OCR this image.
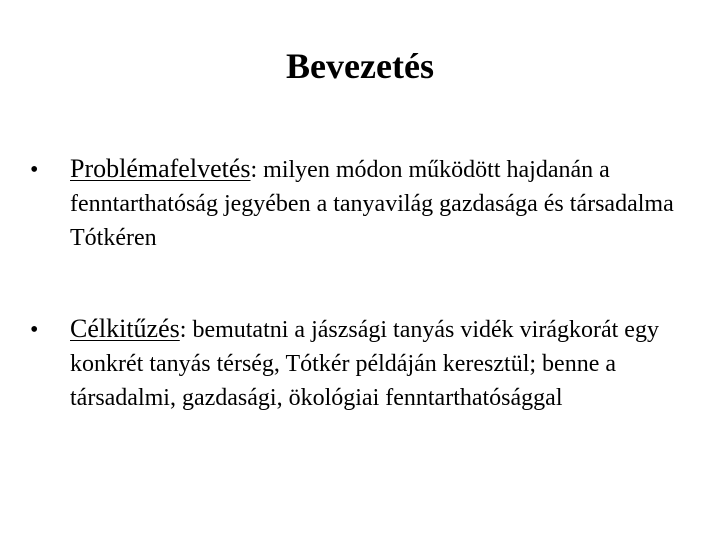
Bevezetés
• Problémafelvetés: milyen módon működött hajdanán a fenntarthatóság jegyében a tanyavilág gazdasága és társadalma Tótkéren
• Célkitűzés: bemutatni a jászsági tanyás vidék virágkorát egy konkrét tanyás térség, Tótkér példáján keresztül; benne a társadalmi, gazdasági, ökológiai fenntarthatósággal
